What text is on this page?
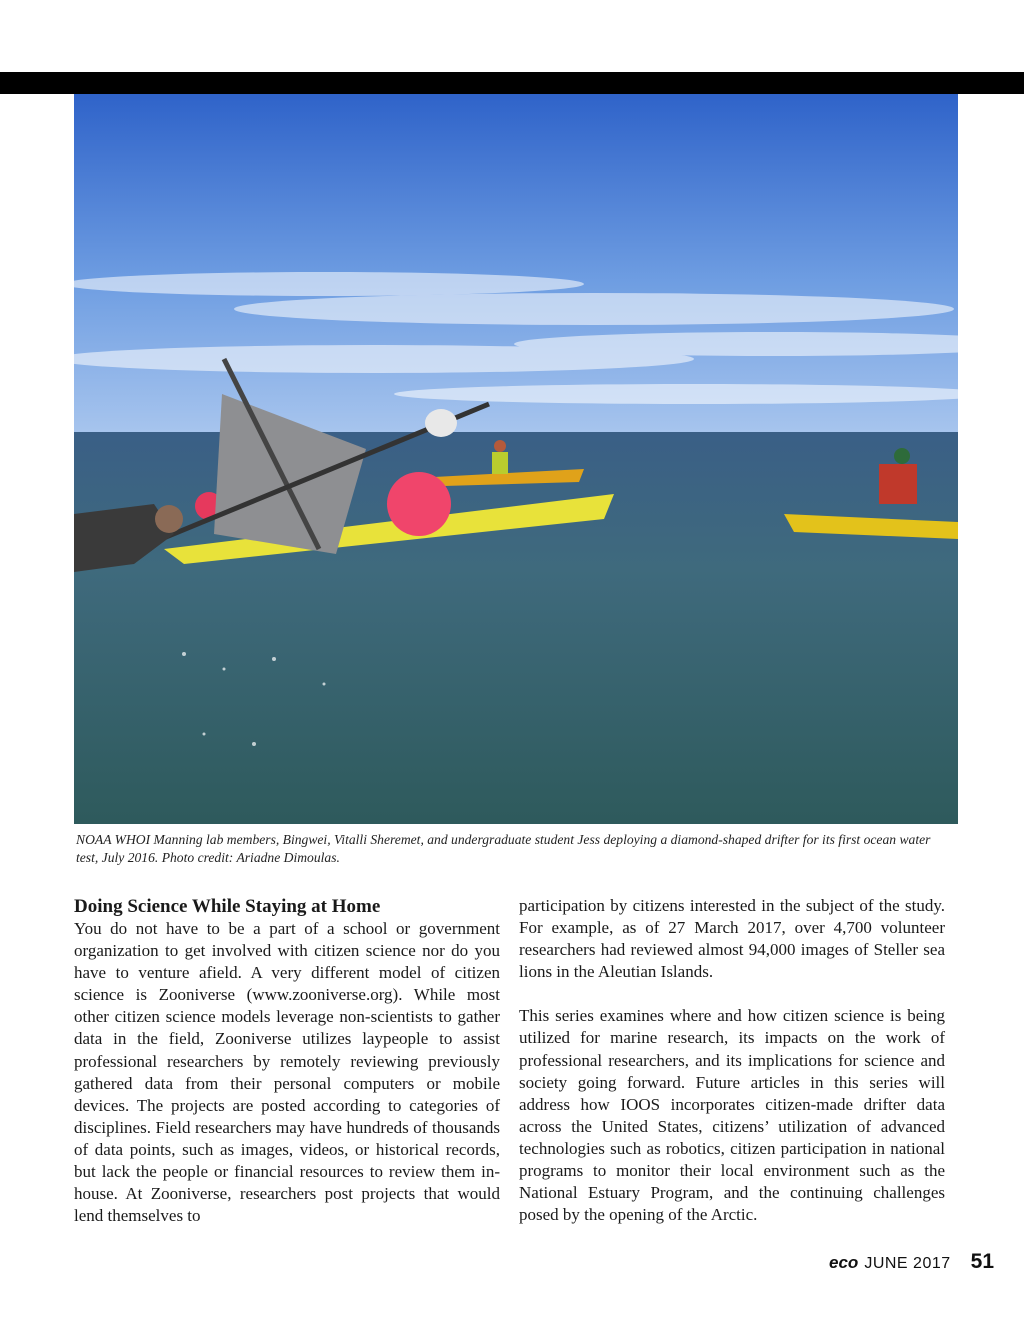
NOAA WHOI Manning lab members, Bingwei, Vitalli Sheremet, and undergraduate student Jess deploying a diamond-shaped drifter for its first ocean water test, July 2016. Photo credit: Ariadne Dimoulas.
Doing Science While Staying at Home

You do not have to be a part of a school or government organization to get involved with citizen science nor do you have to venture afield. A very different model of citizen science is Zooniverse (www.zooniverse.org). While most other citizen science models leverage non-scientists to gather data in the field, Zooniverse utilizes laypeople to assist professional researchers by remotely reviewing previously gathered data from their personal computers or mobile devices. The projects are posted according to categories of disciplines. Field researchers may have hundreds of thousands of data points, such as images, videos, or historical records, but lack the people or financial resources to review them in-house. At Zooniverse, researchers post projects that would lend themselves to

participation by citizens interested in the subject of the study. For example, as of 27 March 2017, over 4,700 volunteer researchers had reviewed almost 94,000 images of Steller sea lions in the Aleutian Islands.

This series examines where and how citizen science is being utilized for marine research, its impacts on the work of professional researchers, and its implications for science and society going forward. Future articles in this series will address how IOOS incorporates citizen-made drifter data across the United States, citizens’ utilization of advanced technologies such as robotics, citizen participation in national programs to monitor their local environment such as the National Estuary Program, and the continuing challenges posed by the opening of the Arctic.

eco JUNE 2017 51
